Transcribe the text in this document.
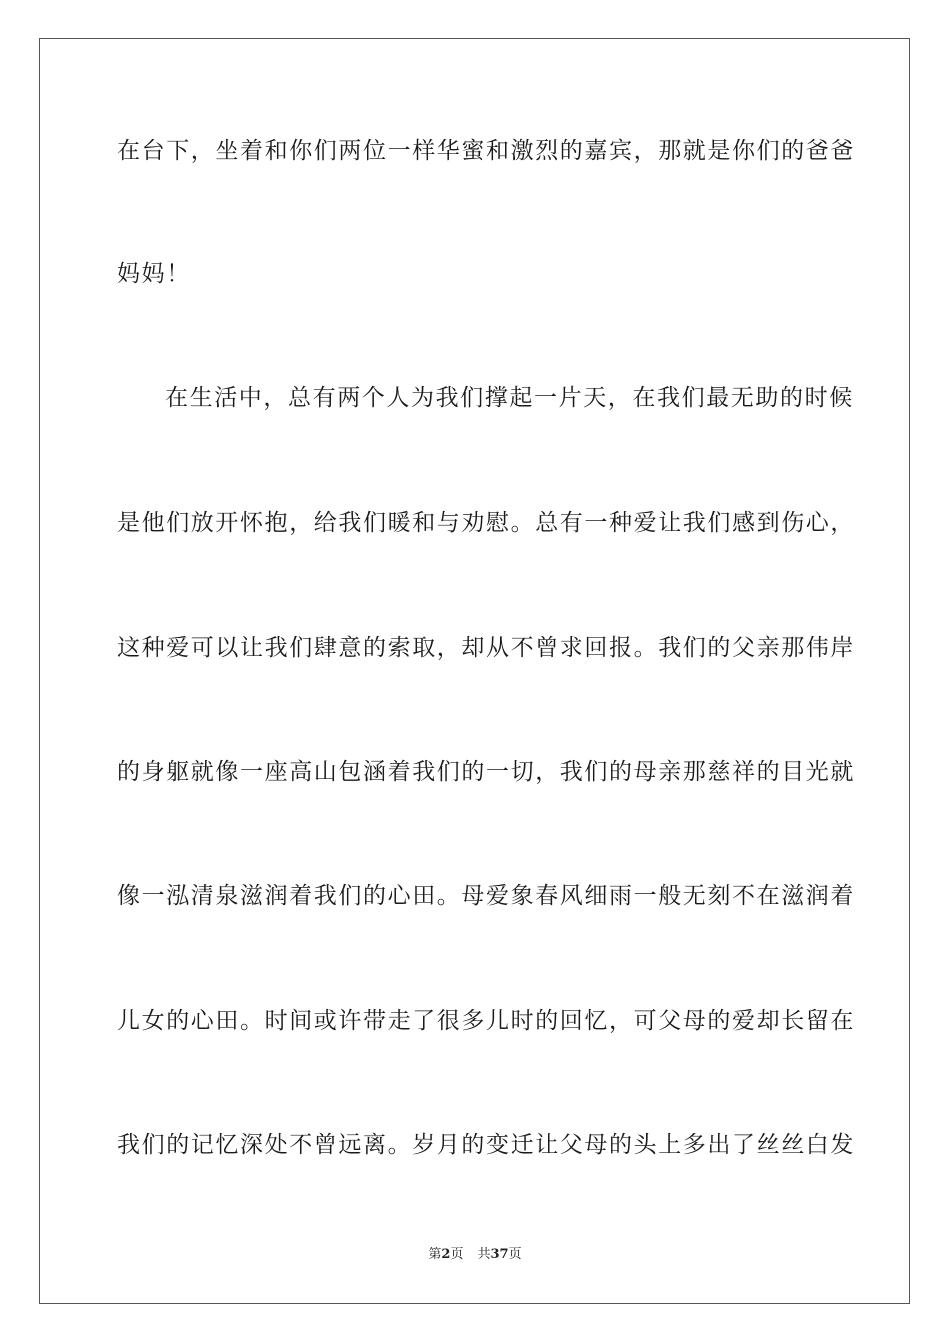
在台下，坐着和你们两位一样华蜜和激烈的嘉宾，那就是你们的爸爸
妈妈！
在生活中，总有两个人为我们撑起一片天，在我们最无助的时候
是他们放开怀抱，给我们暖和与劝慰。总有一种爱让我们感到伤心，
这种爱可以让我们肆意的索取，却从不曾求回报。我们的父亲那伟岸
的身躯就像一座高山包涵着我们的一切，我们的母亲那慈祥的目光就
像一泓清泉滋润着我们的心田。母爱象春风细雨一般无刻不在滋润着
儿女的心田。时间或许带走了很多儿时的回忆，可父母的爱却长留在
我们的记忆深处不曾远离。岁月的变迁让父母的头上多出了丝丝白发
第2页 共37页
